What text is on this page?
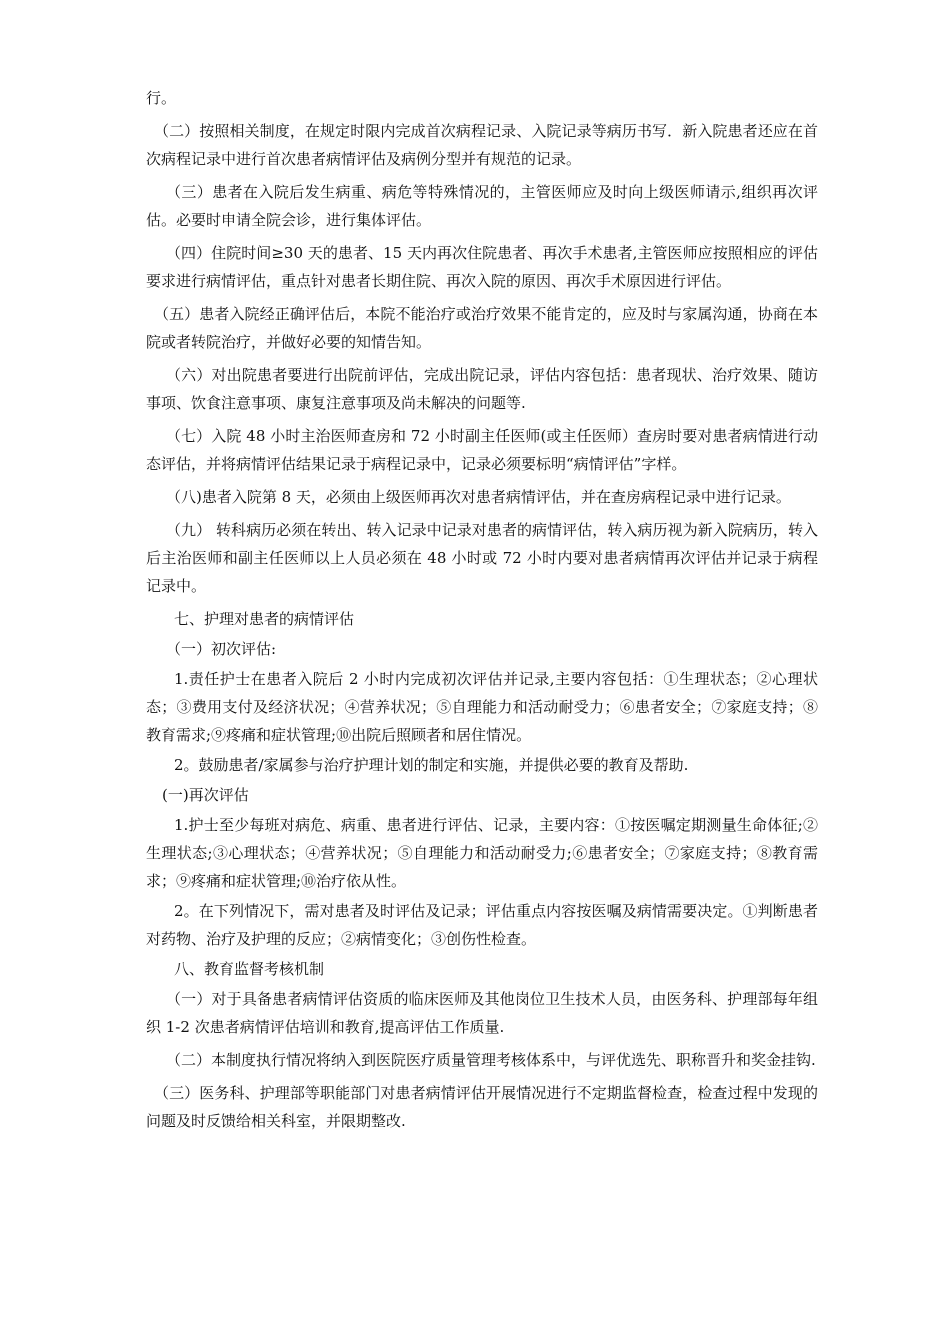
行。

（二）按照相关制度，在规定时限内完成首次病程记录、入院记录等病历书写．新入院患者还应在首次病程记录中进行首次患者病情评估及病例分型并有规范的记录。

（三）患者在入院后发生病重、病危等特殊情况的，主管医师应及时向上级医师请示,组织再次评估。必要时申请全院会诊，进行集体评估。

（四）住院时间≥30 天的患者、15 天内再次住院患者、再次手术患者,主管医师应按照相应的评估要求进行病情评估，重点针对患者长期住院、再次入院的原因、再次手术原因进行评估。

（五）患者入院经正确评估后，本院不能治疗或治疗效果不能肯定的，应及时与家属沟通，协商在本院或者转院治疗，并做好必要的知情告知。

（六）对出院患者要进行出院前评估，完成出院记录，评估内容包括：患者现状、治疗效果、随访事项、饮食注意事项、康复注意事项及尚未解决的问题等.

（七）入院 48 小时主治医师查房和 72 小时副主任医师(或主任医师）查房时要对患者病情进行动态评估，并将病情评估结果记录于病程记录中，记录必须要标明“病情评估”字样。

（八)患者入院第 8 天，必须由上级医师再次对患者病情评估，并在查房病程记录中进行记录。

（九） 转科病历必须在转出、转入记录中记录对患者的病情评估，转入病历视为新入院病历，转入后主治医师和副主任医师以上人员必须在 48 小时或 72 小时内要对患者病情再次评估并记录于病程记录中。

七、护理对患者的病情评估

（一）初次评估:

1.责任护士在患者入院后 2 小时内完成初次评估并记录,主要内容包括：①生理状态；②心理状态；③费用支付及经济状况；④营养状况；⑤自理能力和活动耐受力；⑥患者安全；⑦家庭支持；⑧教育需求;⑨疼痛和症状管理;⑩出院后照顾者和居住情况。

2。鼓励患者/家属参与治疗护理计划的制定和实施，并提供必要的教育及帮助.

(一)再次评估

1.护士至少每班对病危、病重、患者进行评估、记录，主要内容：①按医嘱定期测量生命体征;②生理状态;③心理状态；④营养状况；⑤自理能力和活动耐受力;⑥患者安全；⑦家庭支持；⑧教育需求；⑨疼痛和症状管理;⑩治疗依从性。

2。在下列情况下，需对患者及时评估及记录；评估重点内容按医嘱及病情需要决定。①判断患者对药物、治疗及护理的反应；②病情变化；③创伤性检查。

八、教育监督考核机制

（一）对于具备患者病情评估资质的临床医师及其他岗位卫生技术人员，由医务科、护理部每年组织 1-2 次患者病情评估培训和教育,提高评估工作质量.

（二）本制度执行情况将纳入到医院医疗质量管理考核体系中，与评优选先、职称晋升和奖金挂钩.

（三）医务科、护理部等职能部门对患者病情评估开展情况进行不定期监督检查，检查过程中发现的问题及时反馈给相关科室，并限期整改.
